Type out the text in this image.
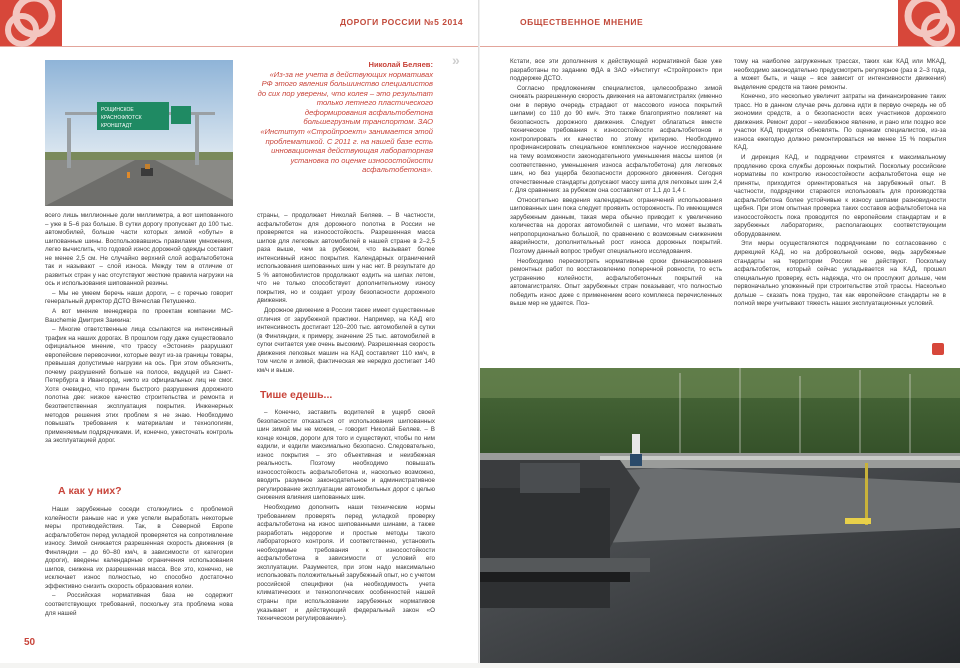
ДОРОГИ РОССИИ №5 2014
РОЩИНСКОЕ
КРАСНОФЛОТСК
КРОНШТАДТ
Николай Беляев:
«Из-за не учета в действующих нормативах РФ этого явления большинство специалистов до сих пор уверены, что колея – это результат только летнего пластического деформирования асфальтобетона большегрузным транспортом. ЗАО «Институт «Стройпроект» занимается этой проблематикой. С 2011 г. на нашей базе есть инновационная действующая лабораторная установка по оценке износостойкости асфальтобетона».

всего лишь миллионные доли миллиметра, а вот шипованного – уже в 5–6 раз больше. В сутки дорогу пропускает до 100 тыс. автомобилей, больше части которых зимой «обуты» в шипованные шины. Воспользовавшись правилами умножения, легко вычислить, что годовой износ дорожной одежды составит не менее 2,5 см. Не случайно верхний слой асфальтобетона так и называют – слой износа. Между тем в отличие от развитых стран у нас отсутствуют жесткие правила нагрузки на ось и использования шипованной резины.

– Мы не умеем беречь наши дороги, – с горечью говорит генеральный директор ДСТО Вячеслав Петушенко.

А вот мнение менеджера по проектам компании МС-Bauchemie Дмитрия Заикина:

– Многие ответственные лица ссылаются на интенсивный трафик на наших дорогах. В прошлом году даже существовало официальное мнение, что трассу «Эстония» разрушают европейские перевозчики, которые везут из-за границы товары, превышая допустимые нагрузки на ось. При этом объяснить, почему разрушений больше на полосе, ведущей из Санкт-Петербурга в Ивангород, никто из официальных лиц не смог. Хотя очевидно, что причин быстрого разрушения дорожного полотна две: низкое качество строительства и ремонта и безответственная эксплуатация покрытия. Инженерных методов решения этих проблем я не знаю. Необходимо повышать требования к материалам и технологиям, применяемым подрядчиками. И, конечно, ужесточать контроль за эксплуатацией дорог.

А как у них?

Наши зарубежные соседи столкнулись с проблемой колейности раньше нас и уже успели выработать некоторые меры противодействия. Так, в Северной Европе асфальтобетон перед укладкой проверяется на сопротивление износу. Зимой снижается разрешенная скорость движения (в Финляндии – до 60–80 км/ч, в зависимости от категории дороги), введены календарные ограничения использования шипов, снижена их разрешенная масса. Все это, конечно, не исключает износ полностью, но способно достаточно эффективно снизить скорость образования колеи.

– Российская нормативная база не содержит соответствующих требований, поскольку эта проблема нова для нашей

страны, – продолжает Николай Беляев. – В частности, асфальтобетон для дорожного полотна в России не проверяется на износостойкость. Разрешенная масса шипов для легковых автомобилей в нашей стране в 2–2,5 раза выше, чем за рубежом, что вызывает более интенсивный износ покрытия. Календарных ограничений использования шипованных шин у нас нет. В результате до 5 % автомобилистов продолжают ездить на шипах летом, что не только способствует дополнительному износу покрытия, но и создает угрозу безопасности дорожного движения.

Дорожное движение в России также имеет существенные отличия от зарубежной практики. Например, на КАД его интенсивность достигает 120–200 тыс. автомобилей в сутки (в Финляндии, к примеру, значение 25 тыс. автомобилей в сутки считается уже очень высоким). Разрешенная скорость движения легковых машин на КАД составляет 110 км/ч, в том числе и зимой, фактическая же нередко достигает 140 км/ч и выше.

Тише едешь...

– Конечно, заставить водителей в ущерб своей безопасности отказаться от использования шипованных шин зимой мы не можем, – говорит Николай Беляев. – В конце концов, дороги для того и существуют, чтобы по ним ездили, и ездили максимально безопасно. Следовательно, износ покрытия – это объективная и неизбежная реальность. Поэтому необходимо повышать износостойкость асфальтобетона и, насколько возможно, вводить разумное законодательное и административное регулирование эксплуатации автомобильных дорог с целью снижения влияния шипованных шин.

Необходимо дополнить наши технические нормы требованием проверять перед укладкой проверку асфальтобетона на износ шипованными шинами, а также разработать недорогие и простые методы такого лабораторного контроля. И соответственно, установить необходимые требования к износостойкости асфальтобетона в зависимости от условий его эксплуатации. Разумеется, при этом надо максимально использовать положительный зарубежный опыт, но с учетом российской специфики (на необходимость учета климатических и технологических особенностей нашей страны при использовании зарубежных нормативов указывает и действующий федеральный закон «О техническом регулировании»).

50
ОБЩЕСТВЕННОЕ МНЕНИЕ
»	Кстати, все эти дополнения к действующей нормативной базе уже разработаны по заданию ФДА в ЗАО «Институт «Стройпроект» при поддержке ДСТО.

Согласно предложениям специалистов, целесообразно зимой снижать разрешенную скорость движения на автомагистралях (именно они в первую очередь страдают от массового износа покрытий шипами) со 110 до 90 км/ч. Это также благоприятно повлияет на безопасность дорожного движения. Следует облагаться вместе техническое требования к износостойкости асфальтобетонов и контролировать их качество по этому критерию. Необходимо профинансировать специальное комплексное научное исследование на тему возможности законодательного уменьшения массы шипов (и соответственно, уменьшения износа асфальтобетона) для легковых шин, но без ущерба безопасности дорожного движения. Сегодня отечественные стандарты допускают массу шипа для легковых шин 2,4 г. Для сравнения: за рубежом она составляет от 1,1 до 1,4 г.

Относительно введения календарных ограничений использования шипованных шин пока следует проявить осторожность. По имеющимся зарубежным данным, такая мера обычно приводит к увеличению количества на дорогах автомобилей с шипами, что может вызвать непропорционально большой, по сравнению с возможным снижением аварийности, дополнительный рост износа дорожных покрытий. Поэтому данный вопрос требует специального исследования.

Необходимо пересмотреть нормативные сроки финансирования ремонтных работ по восстановлению поперечной ровности, то есть устранению колейности, асфальтобетонных покрытий на автомагистралях. Опыт зарубежных стран показывает, что полностью победить износ даже с применением всего комплекса перечисленных выше мер не удается. Поэ-

тому на наиболее загруженных трассах, таких как КАД или МКАД, необходимо законодательно предусмотреть регулярное (раз в 2–3 года, а может быть, и чаще – все зависит от интенсивности движения) выделение средств на такие ремонты.

Конечно, это несколько увеличит затраты на финансирование таких трасс. Но в данном случае речь должна идти в первую очередь не об экономии средств, а о безопасности всех участников дорожного движения. Ремонт дорог – неизбежное явление, и рано или поздно все участки КАД придется обновлять. По оценкам специалистов, из-за износа ежегодно должно ремонтироваться не менее 15 % покрытия КАД.

И дирекция КАД, и подрядчики стремятся к максимальному продлению срока службы дорожных покрытий. Поскольку российские нормативы по контролю износостойкости асфальтобетона еще не приняты, приходится ориентироваться на зарубежный опыт. В частности, подрядчики стараются использовать для производства асфальтобетона более устойчивые к износу шипами разновидности щебня. При этом опытная проверка таких составов асфальтобетона на износостойкость пока проводится по европейским стандартам и в зарубежных лабораториях, располагающих соответствующим оборудованием.

Эти меры осуществляются подрядчиками по согласованию с дирекцией КАД, но на добровольной основе, ведь зарубежные стандарты на территории России не действуют. Поскольку асфальтобетон, который сейчас укладывается на КАД, прошел специальную проверку, есть надежда, что он прослужит дольше, чем первоначально уложенный при строительстве этой трассы. Насколько дольше – сказать пока трудно, так как европейские стандарты не в полной мере учитывают тяжесть наших эксплуатационных условий.
